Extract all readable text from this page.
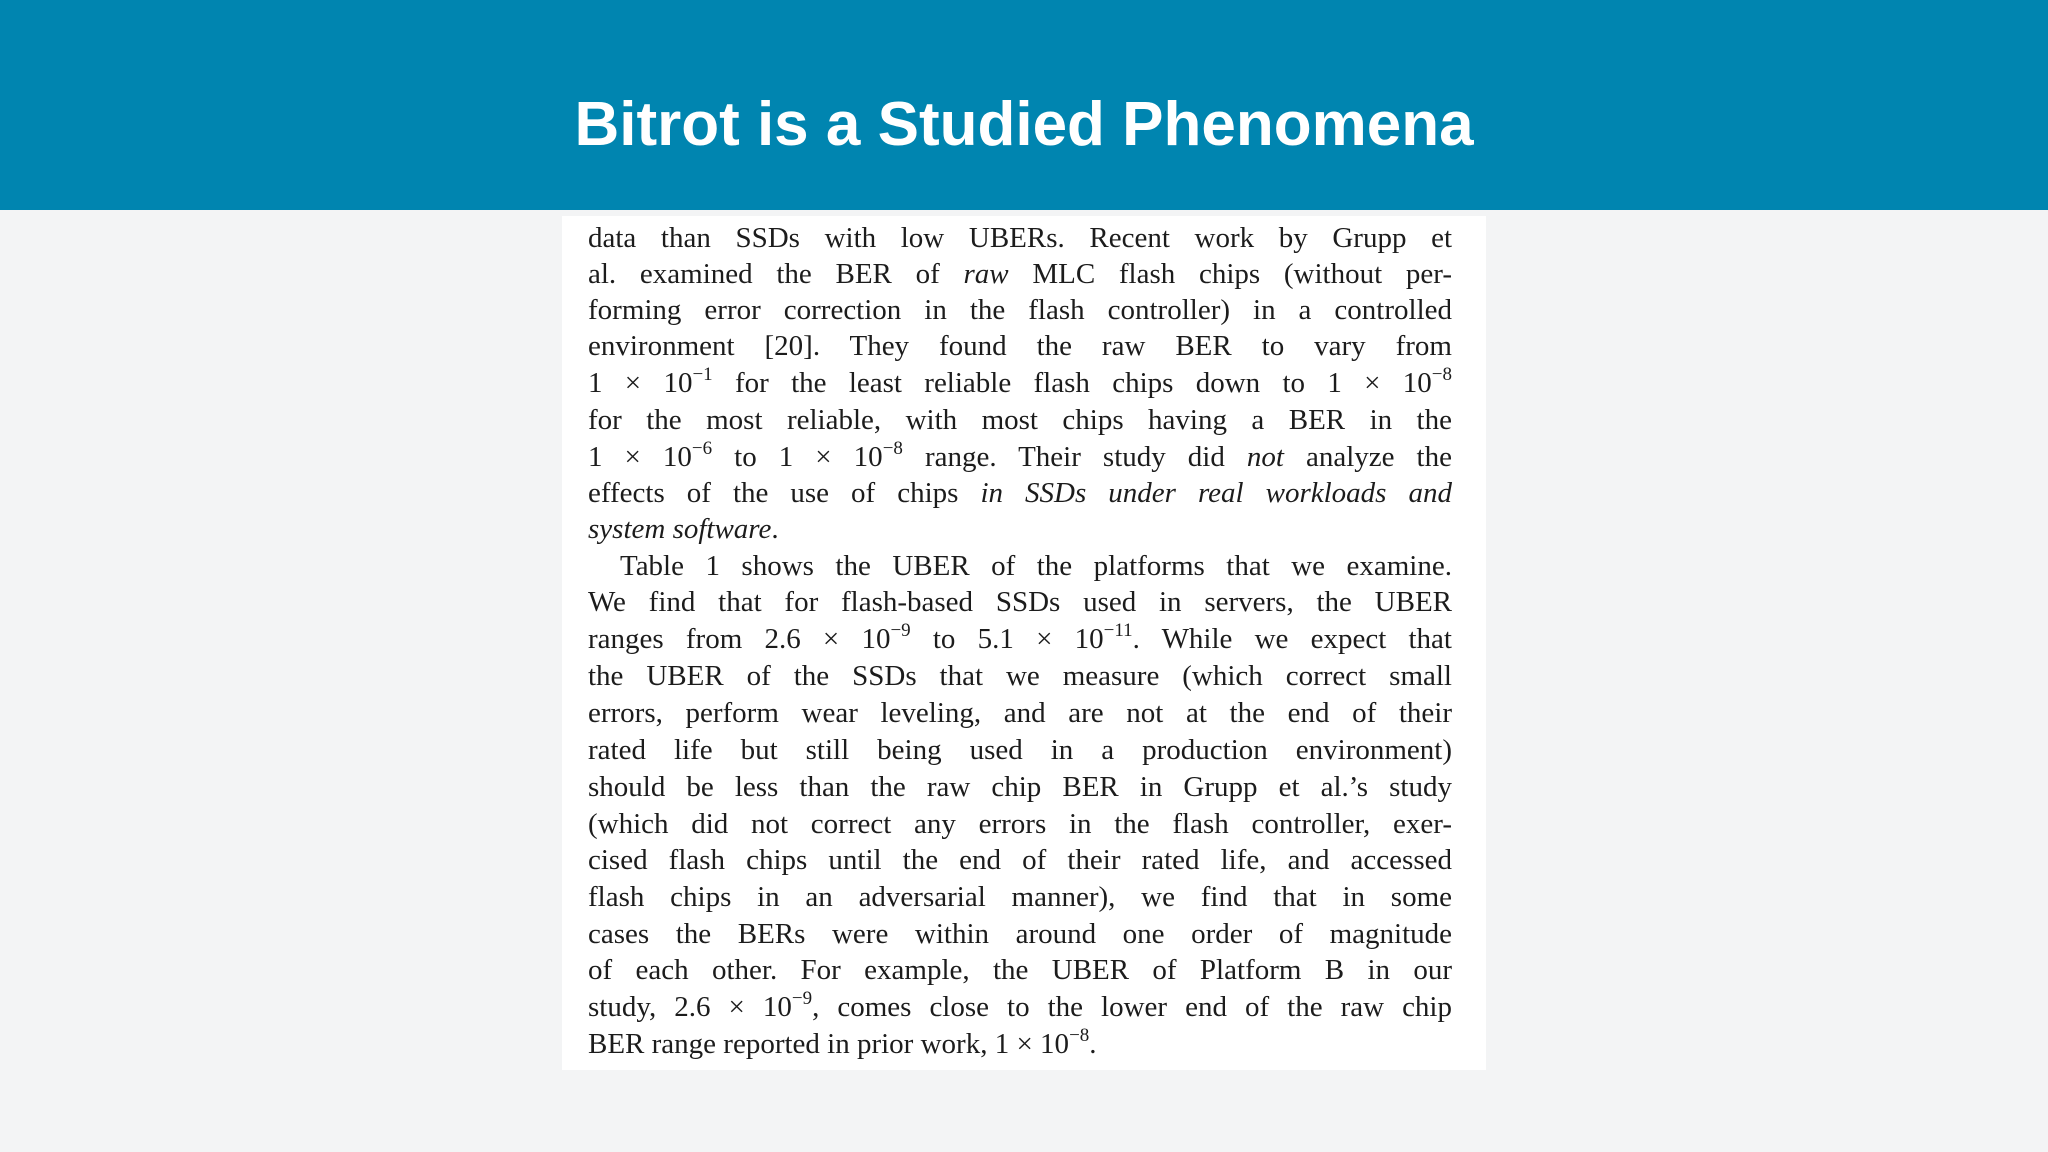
Bitrot is a Studied Phenomena
data than SSDs with low UBERs. Recent work by Grupp et
al. examined the BER of raw MLC flash chips (without per-
forming error correction in the flash controller) in a controlled
environment [20]. They found the raw BER to vary from
$1 \times 10^{-1}$ for the least reliable flash chips down to $1 \times 10^{-8}$
for the most reliable, with most chips having a BER in the
$1 \times 10^{-6}$ to $1 \times 10^{-8}$ range. Their study did not analyze the
effects of the use of chips in SSDs under real workloads and
system software.
Table 1 shows the UBER of the platforms that we examine.
We find that for flash-based SSDs used in servers, the UBER
ranges from $2.6 \times 10^{-9}$ to $5.1 \times 10^{-11}$. While we expect that
the UBER of the SSDs that we measure (which correct small
errors, perform wear leveling, and are not at the end of their
rated life but still being used in a production environment)
should be less than the raw chip BER in Grupp et al.’s study
(which did not correct any errors in the flash controller, exer-
cised flash chips until the end of their rated life, and accessed
flash chips in an adversarial manner), we find that in some
cases the BERs were within around one order of magnitude
of each other. For example, the UBER of Platform B in our
study, $2.6 \times 10^{-9}$, comes close to the lower end of the raw chip
BER range reported in prior work, $1 \times 10^{-8}$.
